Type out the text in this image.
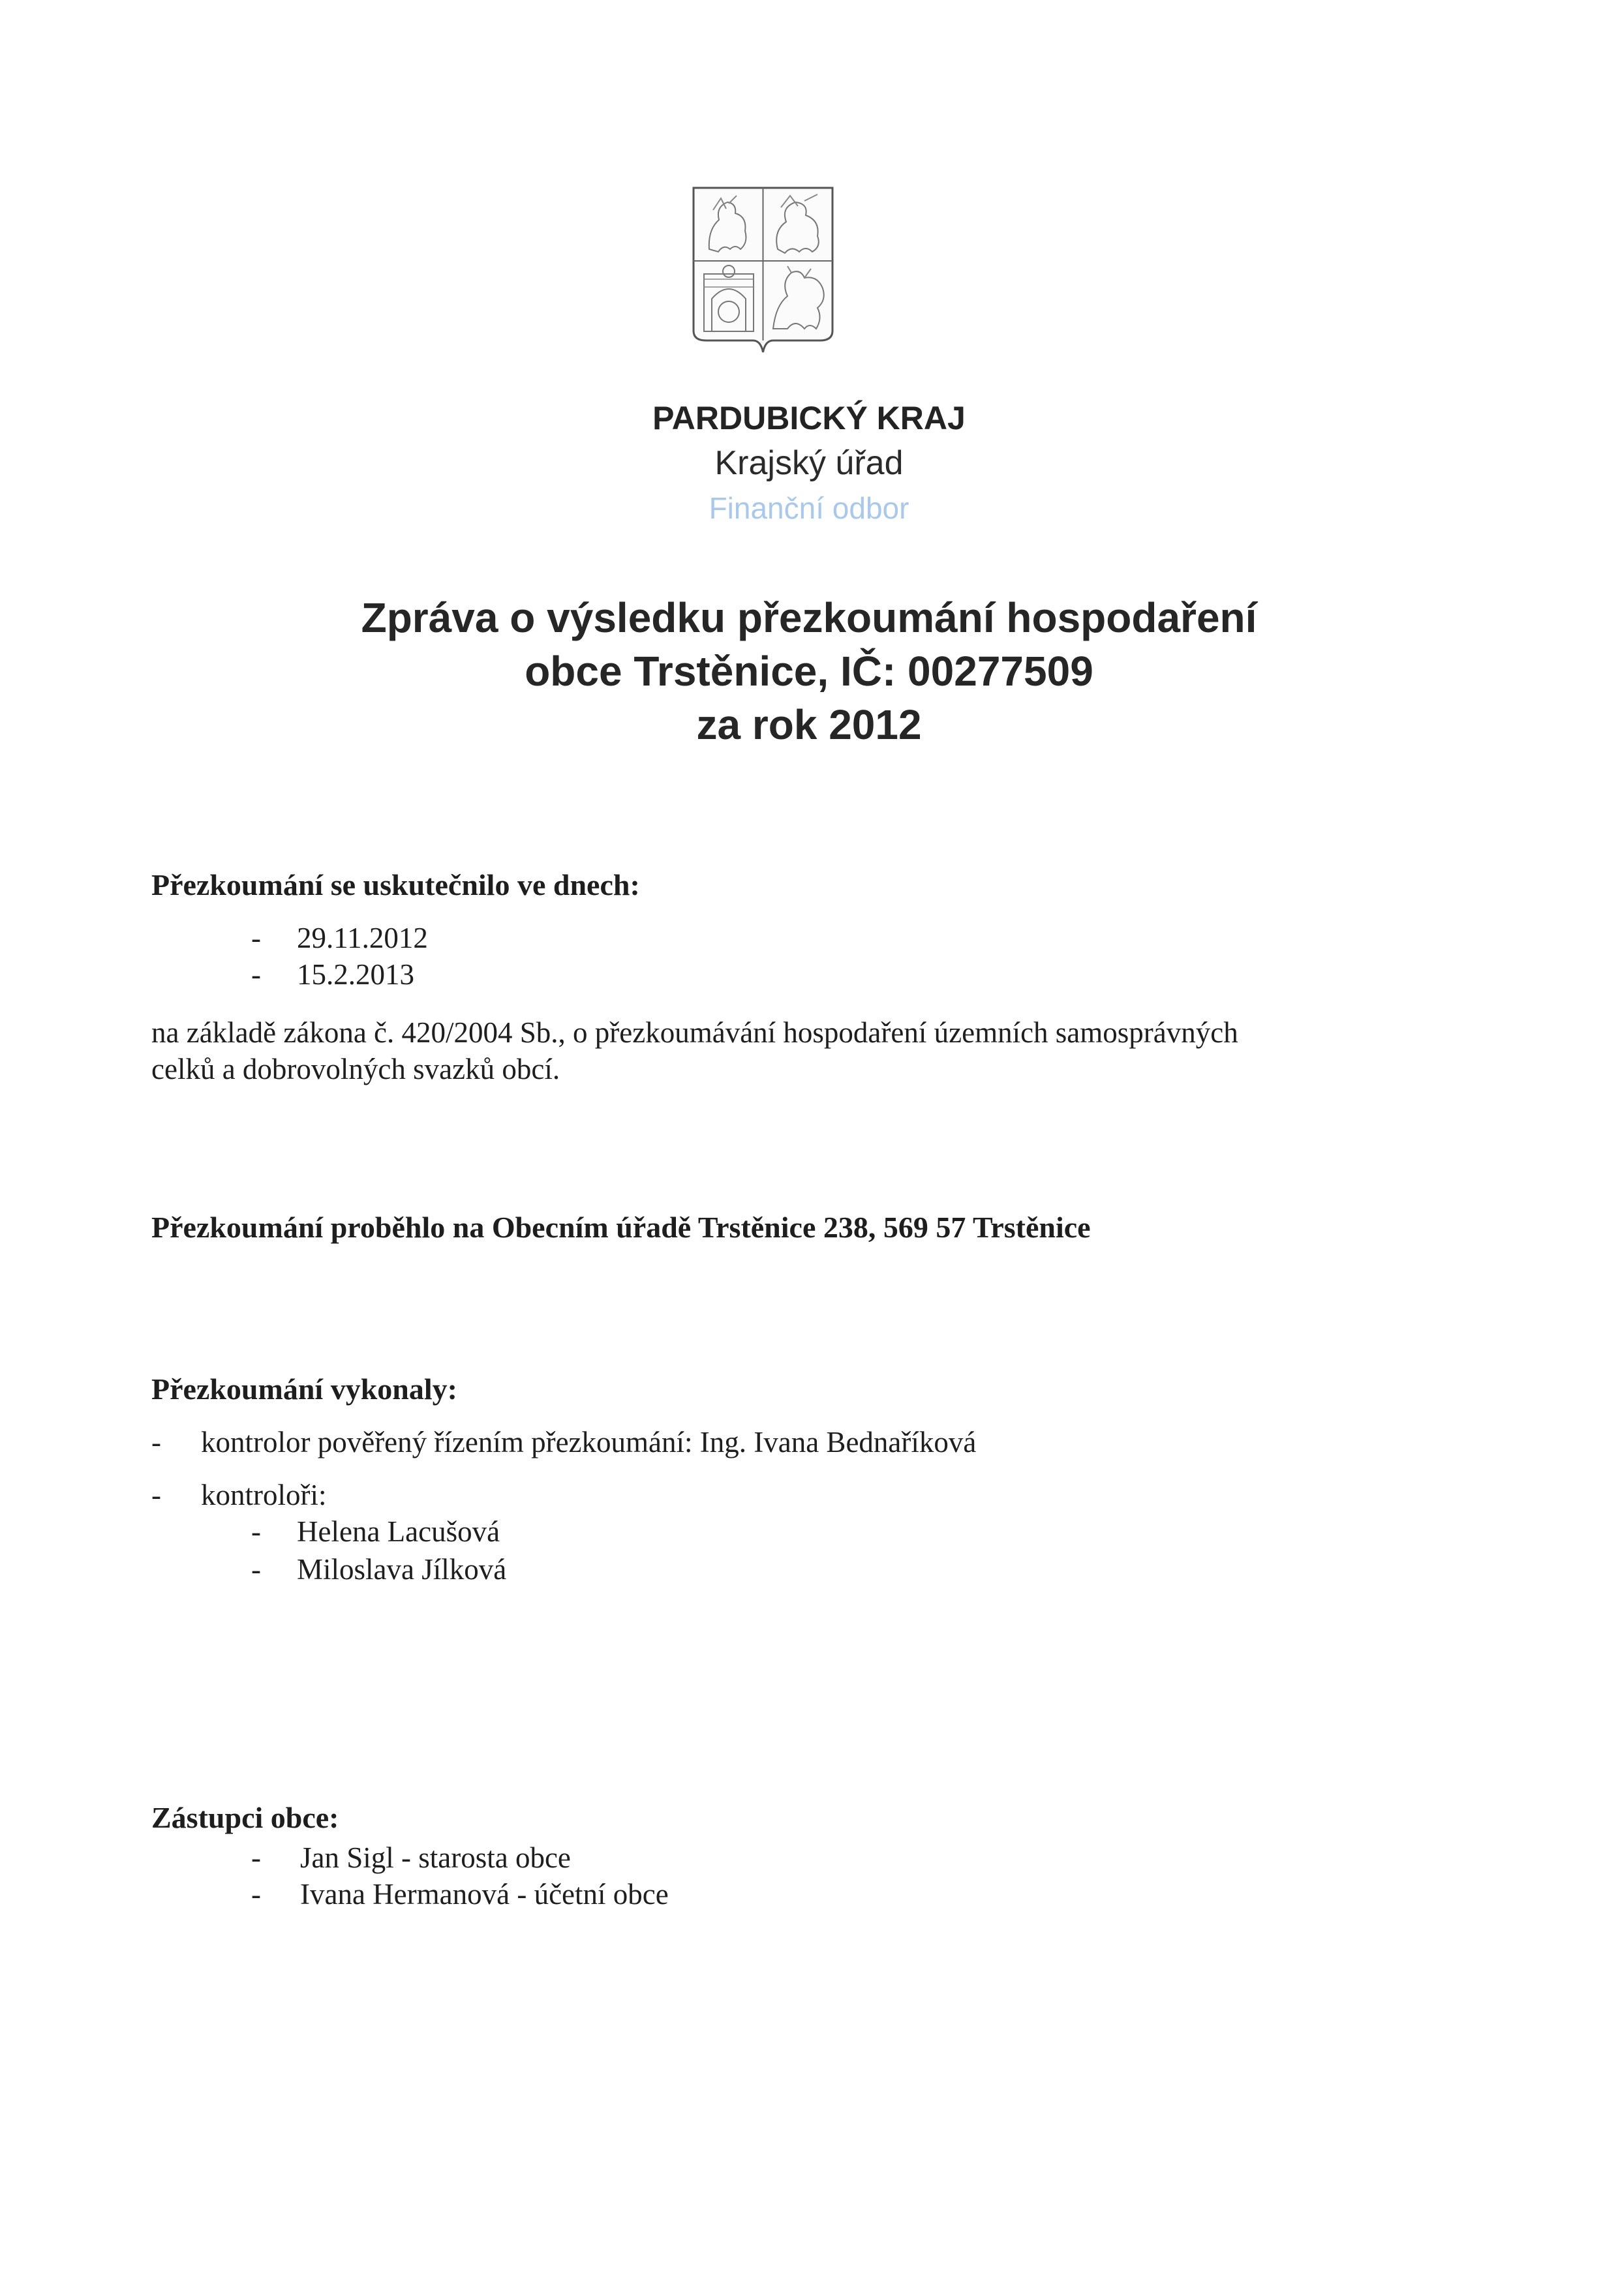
PARDUBICKÝ KRAJ
Krajský úřad
Finanční odbor
Zpráva o výsledku přezkoumání hospodaření
obce Trstěnice, IČ: 00277509
za rok 2012
Přezkoumání se uskutečnilo ve dnech:
- 29.11.2012
- 15.2.2013
na základě zákona č. 420/2004 Sb., o přezkoumávání hospodaření územních samosprávných
celků a dobrovolných svazků obcí.
Přezkoumání proběhlo na Obecním úřadě Trstěnice 238, 569 57 Trstěnice
Přezkoumání vykonaly:
- kontrolor pověřený řízením přezkoumání: Ing. Ivana Bednaříková
- kontroloři:
- Helena Lacušová
- Miloslava Jílková
Zástupci obce:
- Jan Sigl - starosta obce
- Ivana Hermanová - účetní obce
